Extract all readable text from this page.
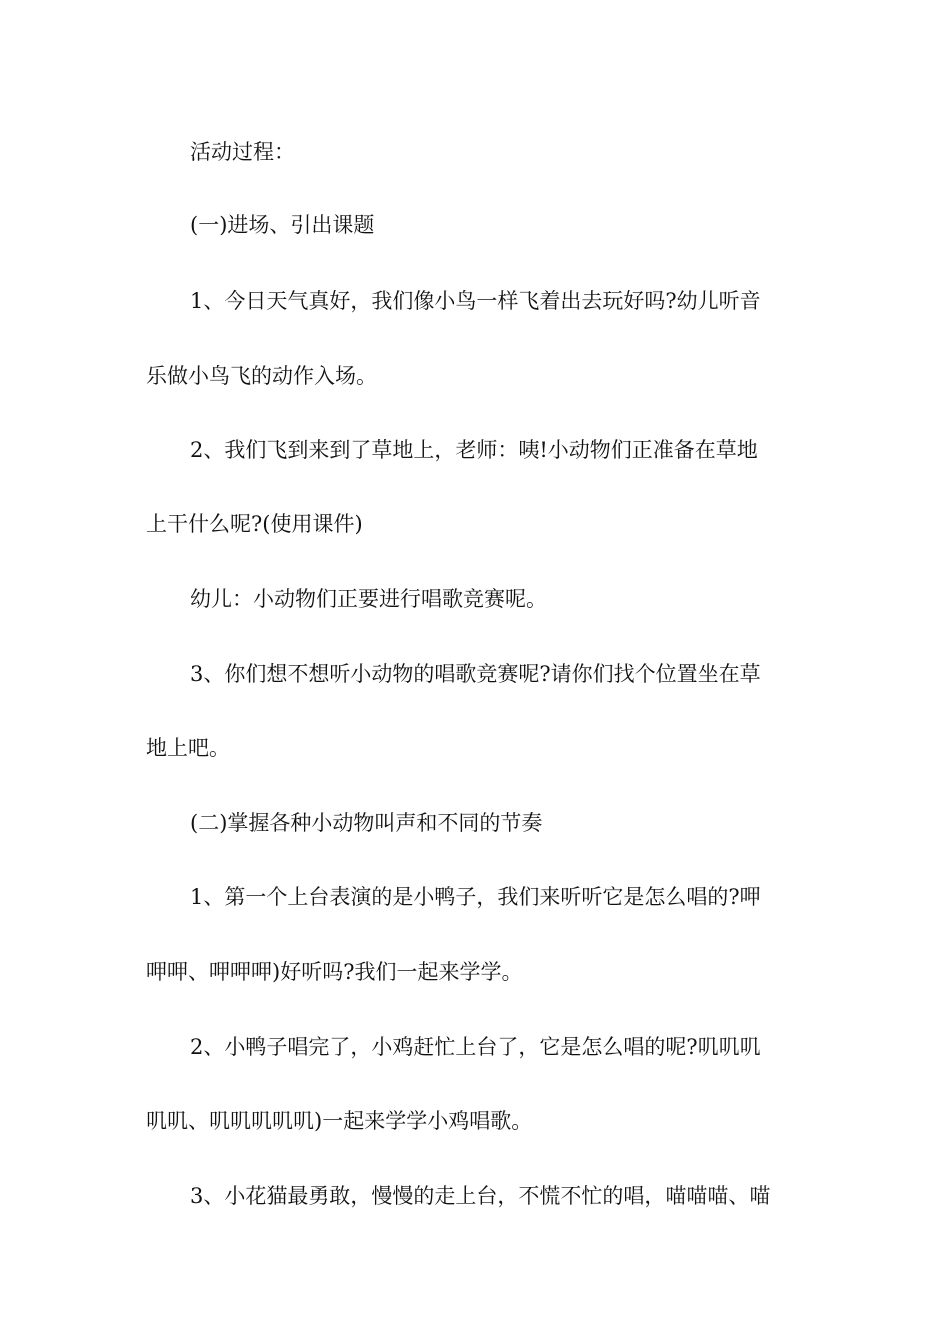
活动过程：
(一)进场、引出课题
1、今日天气真好，我们像小鸟一样飞着出去玩好吗?幼儿听音
乐做小鸟飞的动作入场。
2、我们飞到来到了草地上，老师：咦!小动物们正准备在草地
上干什么呢?(使用课件)
幼儿：小动物们正要进行唱歌竞赛呢。
3、你们想不想听小动物的唱歌竞赛呢?请你们找个位置坐在草
地上吧。
(二)掌握各种小动物叫声和不同的节奏
1、第一个上台表演的是小鸭子，我们来听听它是怎么唱的?呷
呷呷、呷呷呷)好听吗?我们一起来学学。
2、小鸭子唱完了，小鸡赶忙上台了，它是怎么唱的呢?叽叽叽
叽叽、叽叽叽叽叽)一起来学学小鸡唱歌。
3、小花猫最勇敢，慢慢的走上台，不慌不忙的唱，喵喵喵、喵
